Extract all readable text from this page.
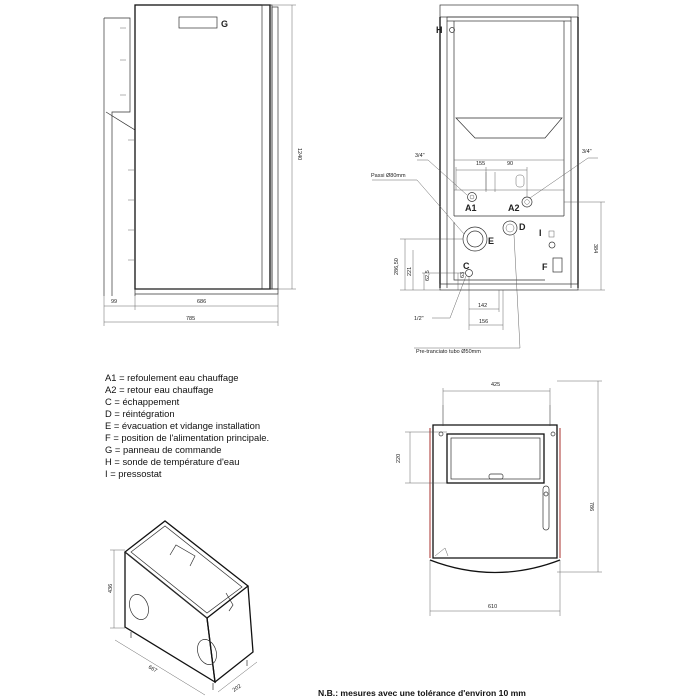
G
1240
99	686
785
H
A1	A2
E
D
C
I
F
3/4"
3/4"
Passi Ø80mm
1/2"
Pre-tranciato tubo Ø50mm
155	90
286,50 221 62,5	63
384
142
156
A1 = refoulement eau chauffage
A2 = retour eau chauffage
C = échappement
D = réintégration
E = évacuation et vidange installation
F = position de l'alimentation principale.
G = panneau de commande
H = sonde de température d'eau
I = pressostat
425
220
786
610
436
667
202	N.B.: mesures avec une tolérance d'environ 10 mm
